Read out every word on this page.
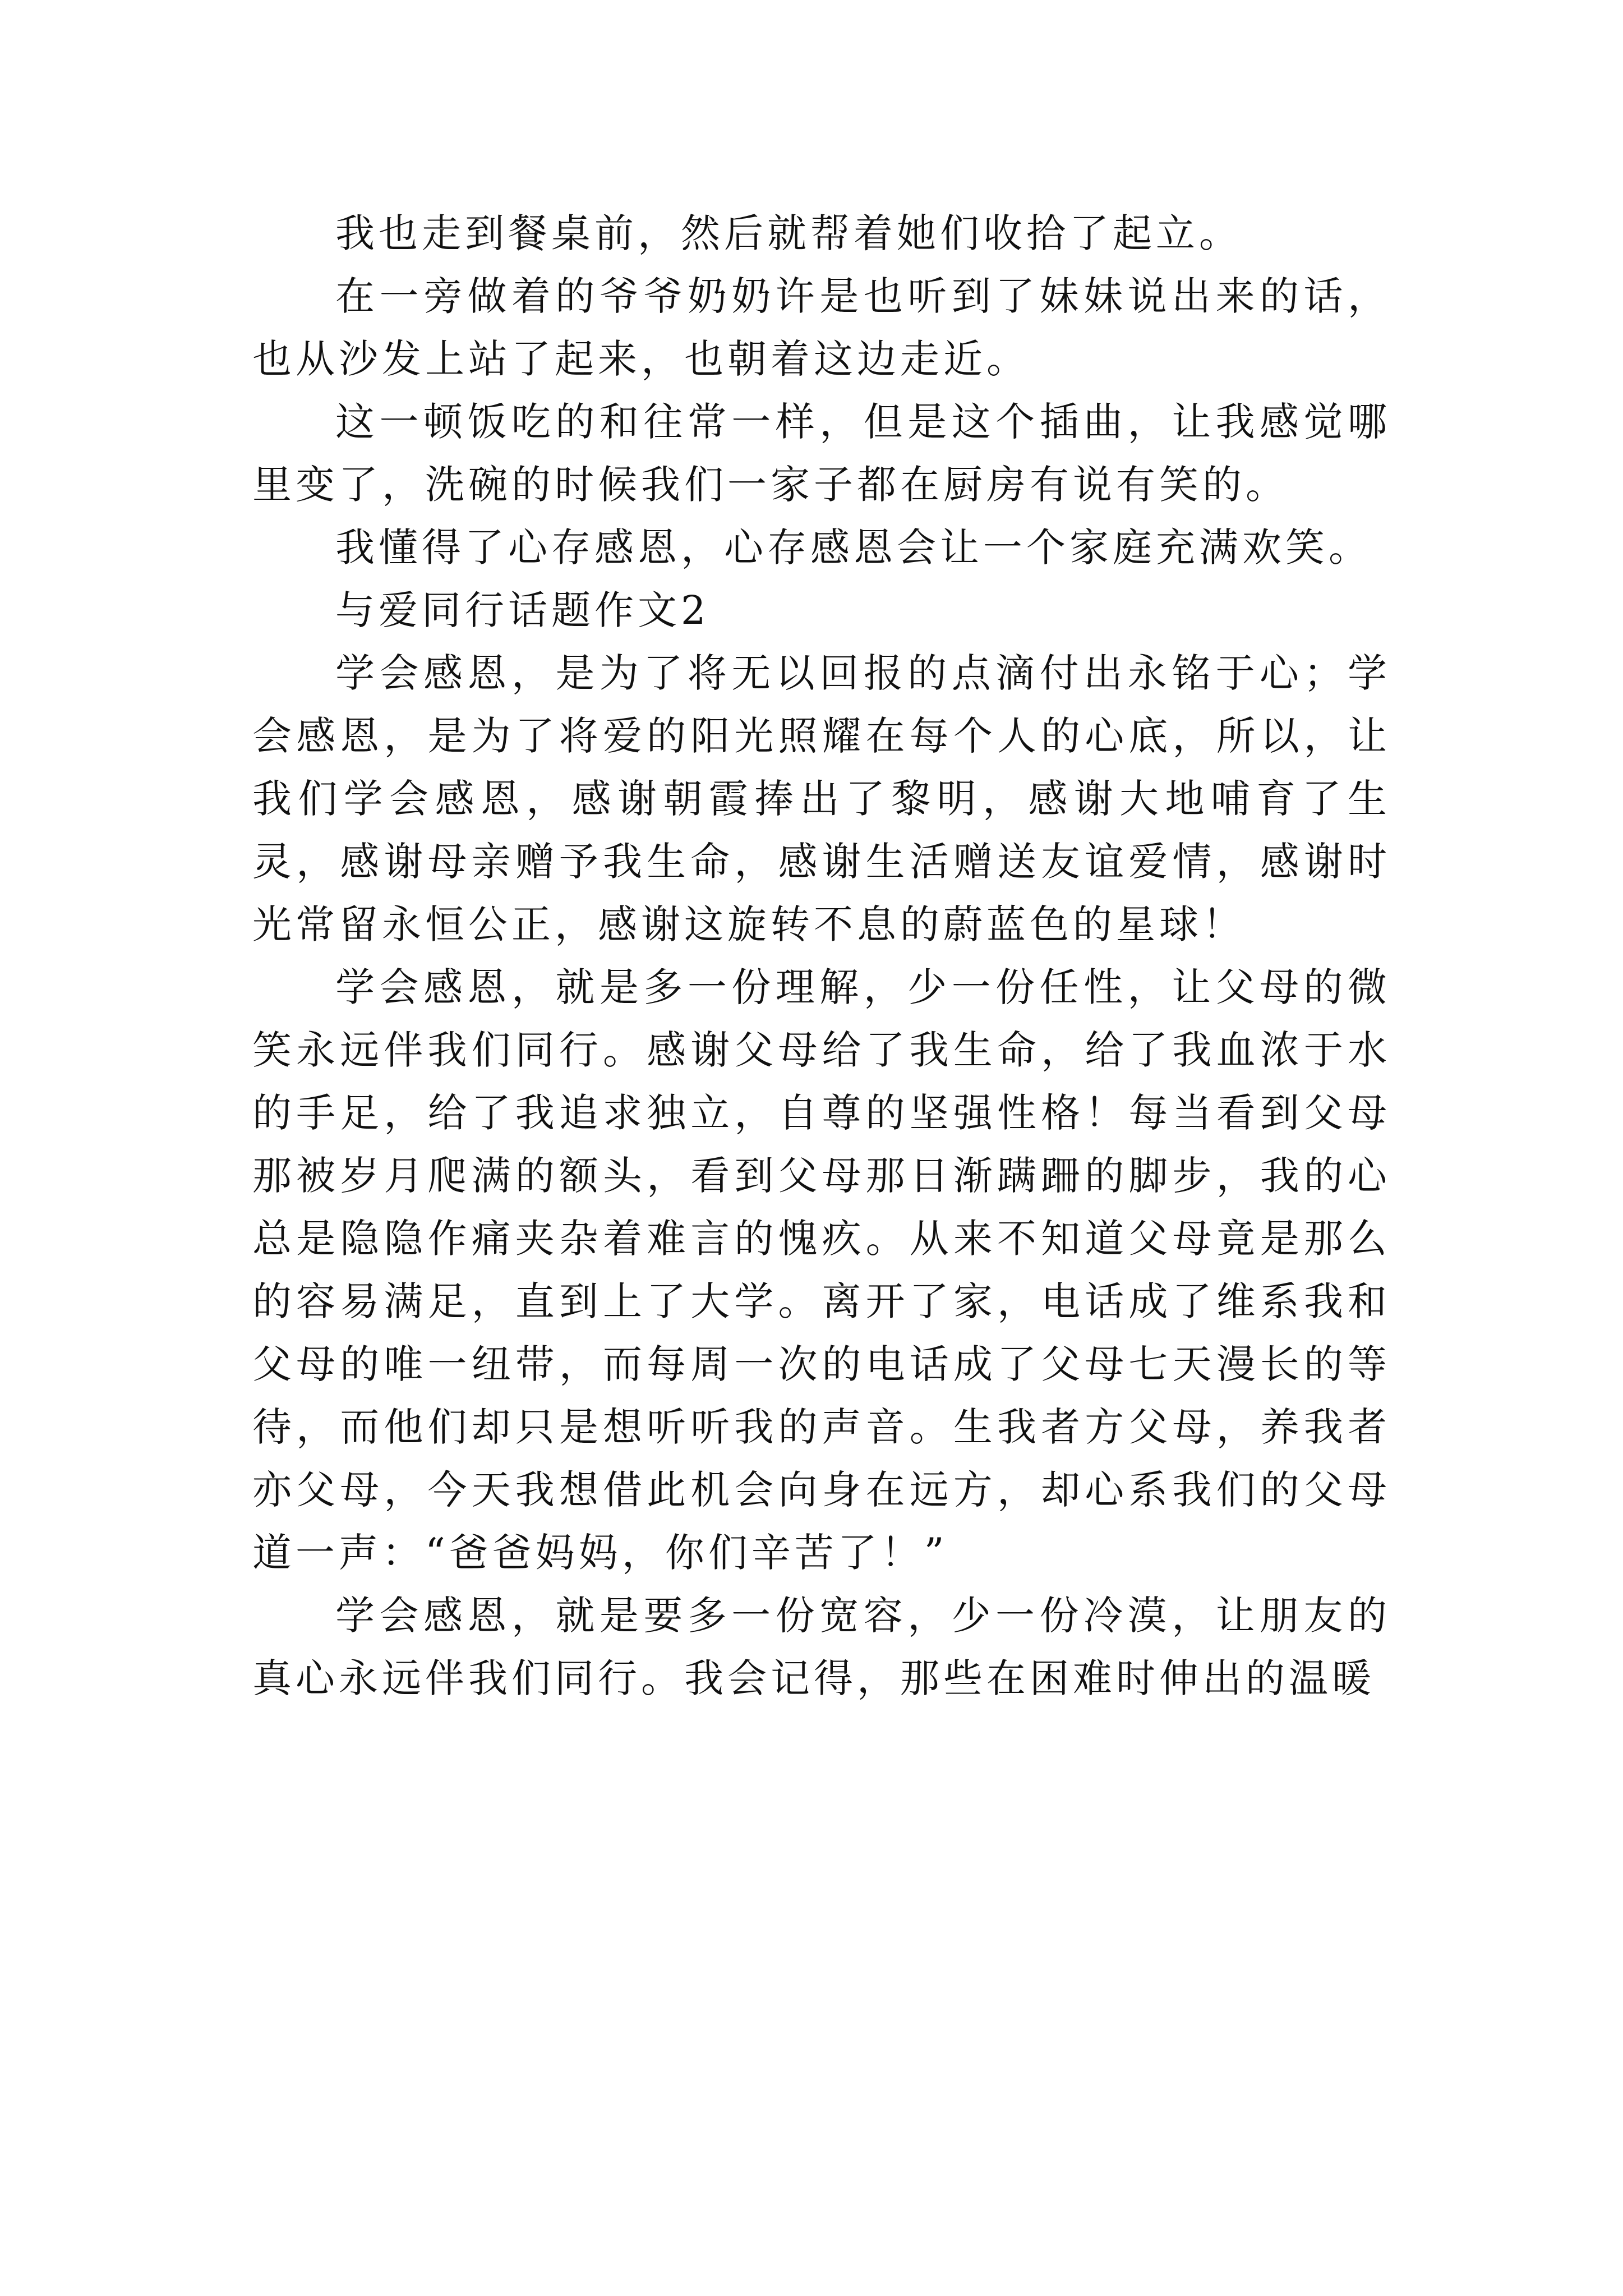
我也走到餐桌前，然后就帮着她们收拾了起立。

在一旁做着的爷爷奶奶许是也听到了妹妹说出来的话，也从沙发上站了起来，也朝着这边走近。

这一顿饭吃的和往常一样，但是这个插曲，让我感觉哪里变了，洗碗的时候我们一家子都在厨房有说有笑的。

我懂得了心存感恩，心存感恩会让一个家庭充满欢笑。

与爱同行话题作文2

学会感恩，是为了将无以回报的点滴付出永铭于心；学会感恩，是为了将爱的阳光照耀在每个人的心底，所以，让我们学会感恩，感谢朝霞捧出了黎明，感谢大地哺育了生灵，感谢母亲赠予我生命，感谢生活赠送友谊爱情，感谢时光常留永恒公正，感谢这旋转不息的蔚蓝色的星球！

学会感恩，就是多一份理解，少一份任性，让父母的微笑永远伴我们同行。感谢父母给了我生命，给了我血浓于水的手足，给了我追求独立，自尊的坚强性格！每当看到父母那被岁月爬满的额头，看到父母那日渐蹒跚的脚步，我的心总是隐隐作痛夹杂着难言的愧疚。从来不知道父母竟是那么的容易满足，直到上了大学。离开了家，电话成了维系我和父母的唯一纽带，而每周一次的电话成了父母七天漫长的等待，而他们却只是想听听我的声音。生我者方父母，养我者亦父母，今天我想借此机会向身在远方，却心系我们的父母道一声：“爸爸妈妈，你们辛苦了！”

学会感恩，就是要多一份宽容，少一份冷漠，让朋友的真心永远伴我们同行。我会记得，那些在困难时伸出的温暖
